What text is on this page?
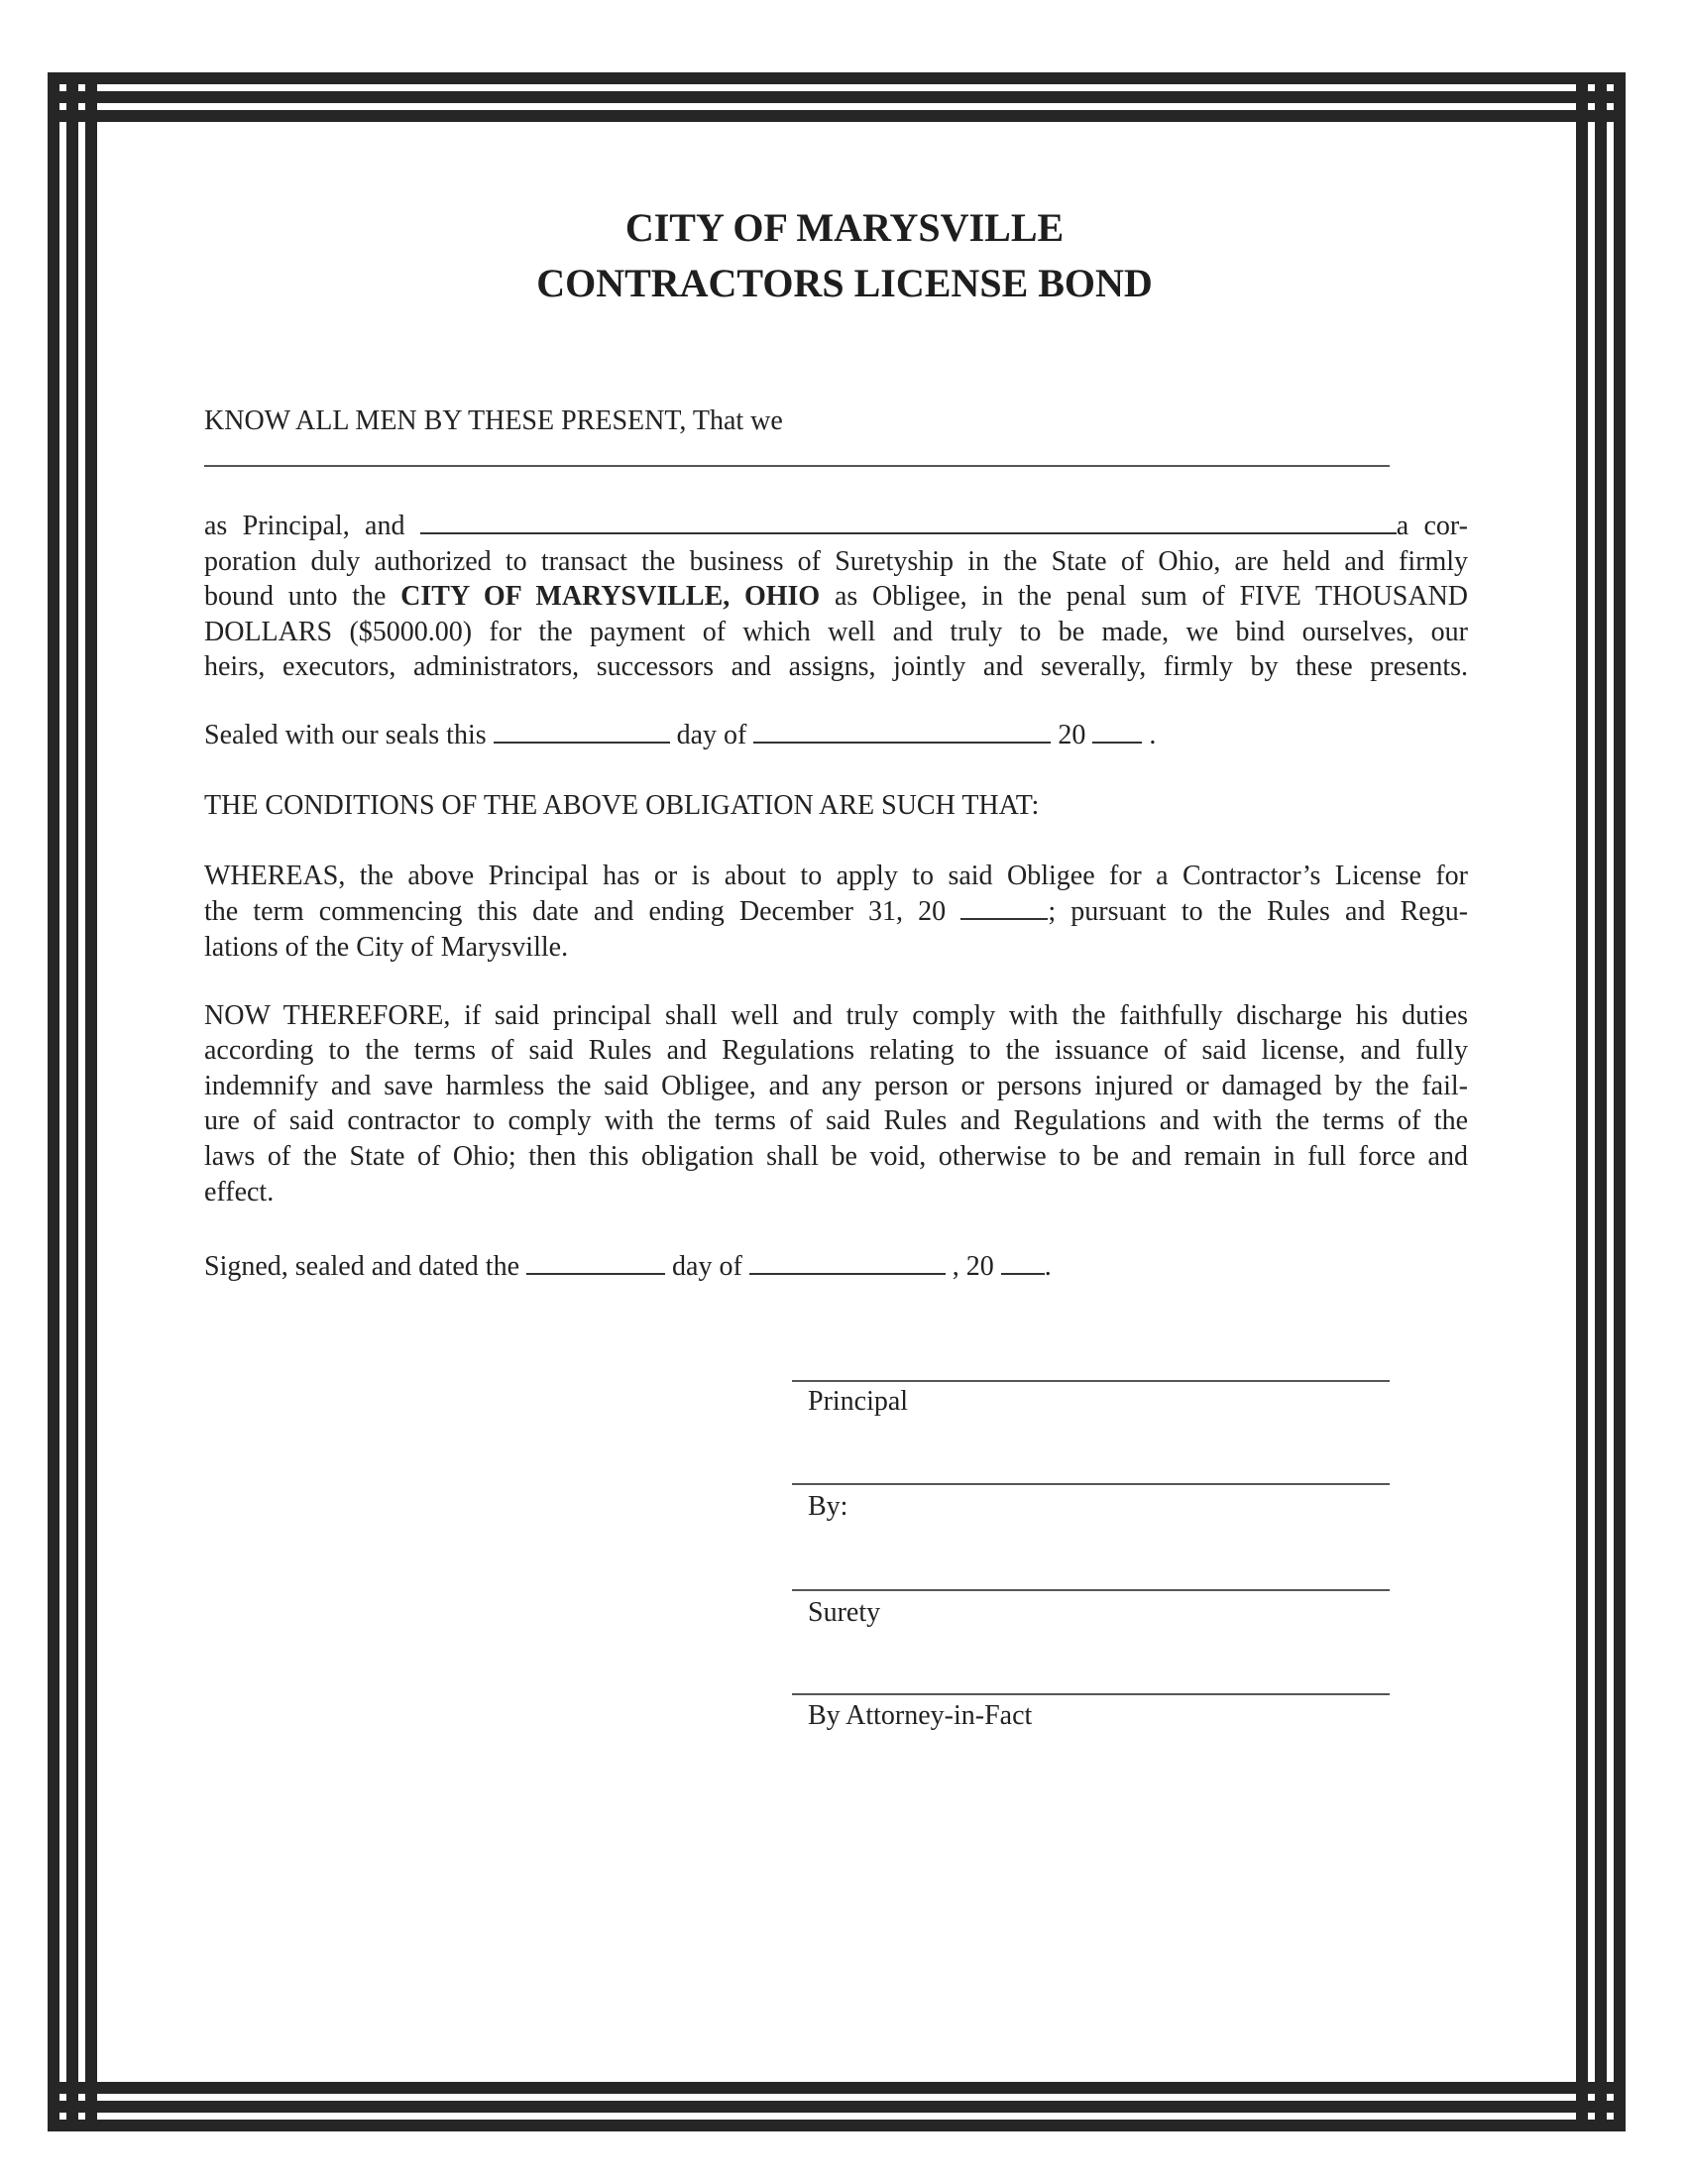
CITY OF MARYSVILLE
CONTRACTORS LICENSE BOND
KNOW ALL MEN BY THESE PRESENT, That we
as Principal, and	a cor-
poration duly authorized to transact the business of Suretyship in the State of Ohio, are held and firmly
bound unto the CITY OF MARYSVILLE, OHIO as Obligee, in the penal sum of FIVE THOUSAND
DOLLARS ($5000.00) for the payment of which well and truly to be made, we bind ourselves, our
heirs, executors, administrators, successors and assigns, jointly and severally, firmly by these presents.
Sealed with our seals this	day of	20 .
THE CONDITIONS OF THE ABOVE OBLIGATION ARE SUCH THAT:
WHEREAS, the above Principal has or is about to apply to said Obligee for a Contractor’s License for
the term commencing this date and ending December 31, 20	; pursuant to the Rules and Regu-
lations of the City of Marysville.
NOW THEREFORE, if said principal shall well and truly comply with the faithfully discharge his duties
according to the terms of said Rules and Regulations relating to the issuance of said license, and fully
indemnify and save harmless the said Obligee, and any person or persons injured or damaged by the fail-
ure of said contractor to comply with the terms of said Rules and Regulations and with the terms of the
laws of the State of Ohio; then this obligation shall be void, otherwise to be and remain in full force and
effect.
Signed, sealed and dated the	day of	, 20 .
Principal
By:
Surety
By Attorney-in-Fact
